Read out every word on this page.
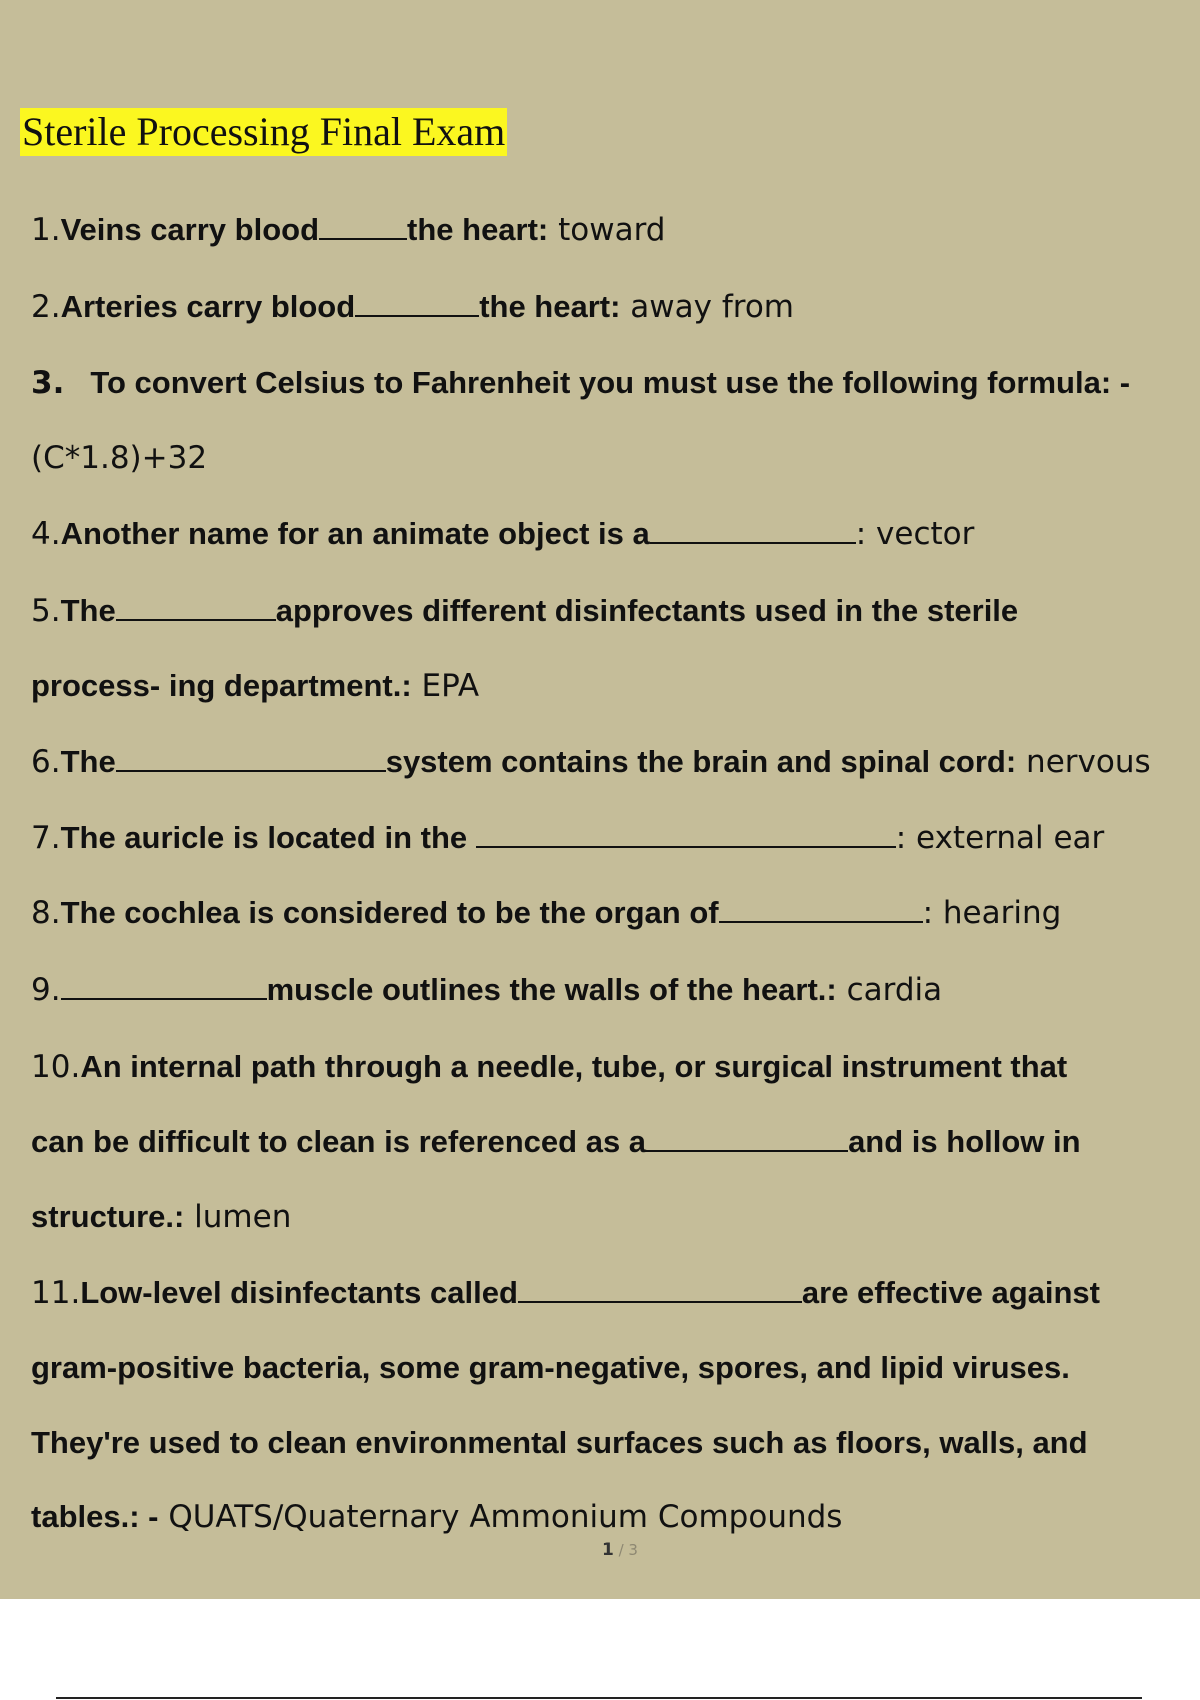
Sterile Processing Final Exam
1.Veins carry blood	the heart: toward
2.Arteries carry blood	the heart: away from
3. To convert Celsius to Fahrenheit you must use the following formula: -
(C*1.8)+32
4.Another name for an animate object is a	: vector
5.The	approves different disinfectants used in the sterile
process- ing department.: EPA
6.The	system contains the brain and spinal cord: nervous
7.The auricle is located in the	: external ear
8.The cochlea is considered to be the organ of	: hearing
9.	muscle outlines the walls of the heart.: cardia
10.An internal path through a needle, tube, or surgical instrument that
can be difficult to clean is referenced as a	and is hollow in
structure.: lumen
11.Low-level disinfectants called	are effective against
gram-positive bacteria, some gram-negative, spores, and lipid viruses.
They're used to clean environmental surfaces such as floors, walls, and
tables.: - QUATS/Quaternary Ammonium Compounds
1 / 3
